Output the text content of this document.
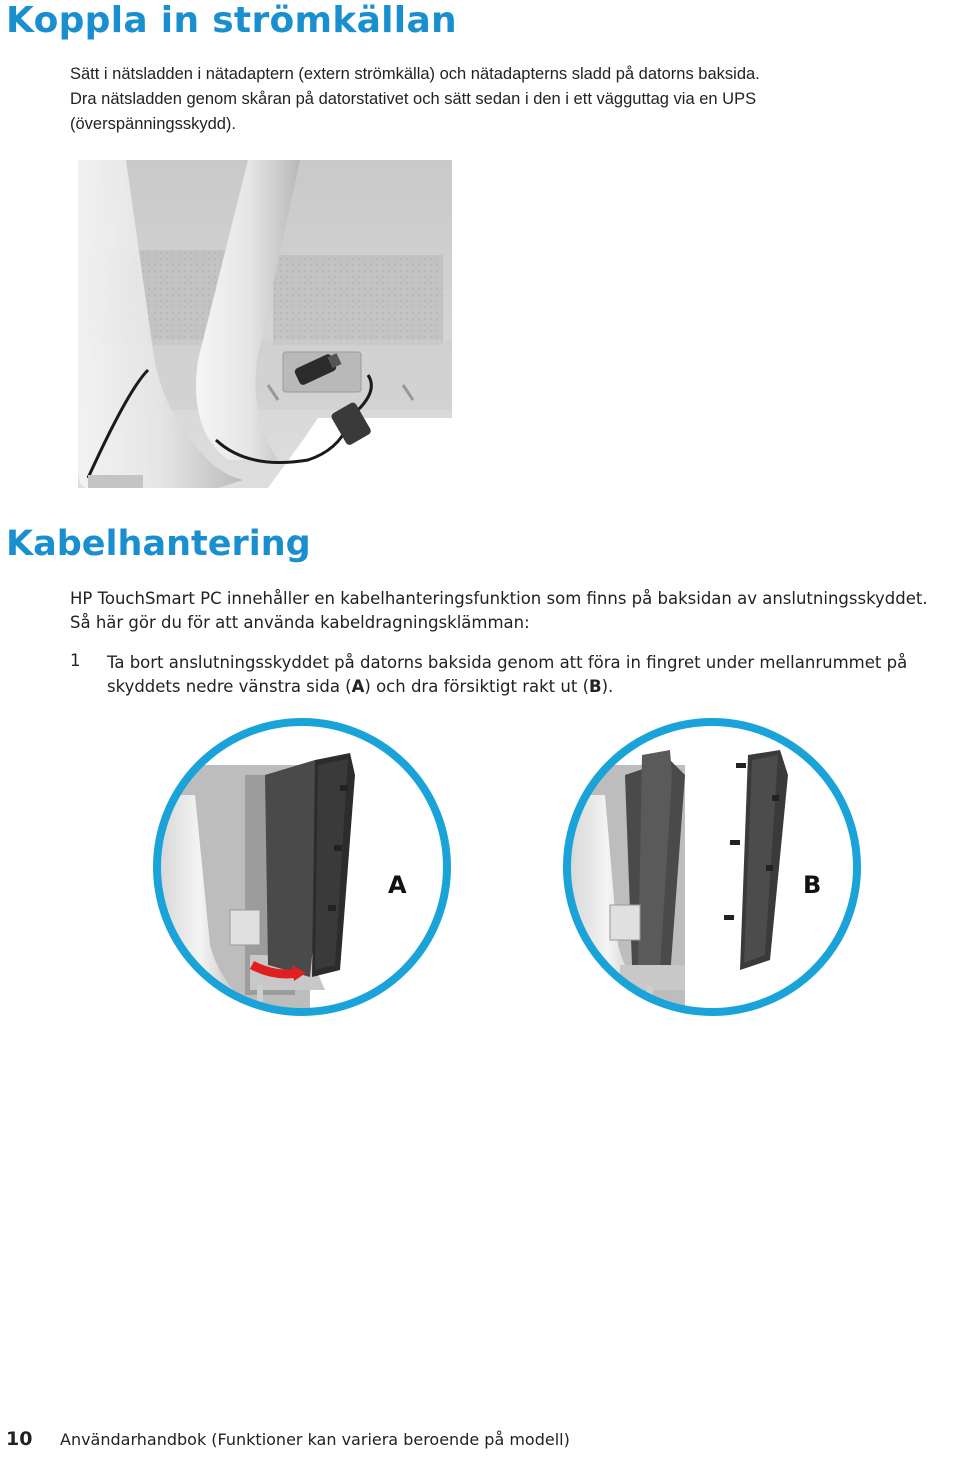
Koppla in strömkällan
Sätt i nätsladden i nätadaptern (extern strömkälla) och nätadapterns sladd på datorns baksida.
Dra nätsladden genom skåran på datorstativet och sätt sedan i den i ett vägguttag via en UPS
(överspänningsskydd).
Kabelhantering
HP TouchSmart PC innehåller en kabelhanteringsfunktion som finns på baksidan av anslutningsskyddet.
Så här gör du för att använda kabeldragningsklämman:
1 Ta bort anslutningsskyddet på datorns baksida genom att föra in fingret under mellanrummet på skyddets nedre vänstra sida (A) och dra försiktigt rakt ut (B).
A	B
10 Användarhandbok (Funktioner kan variera beroende på modell)
